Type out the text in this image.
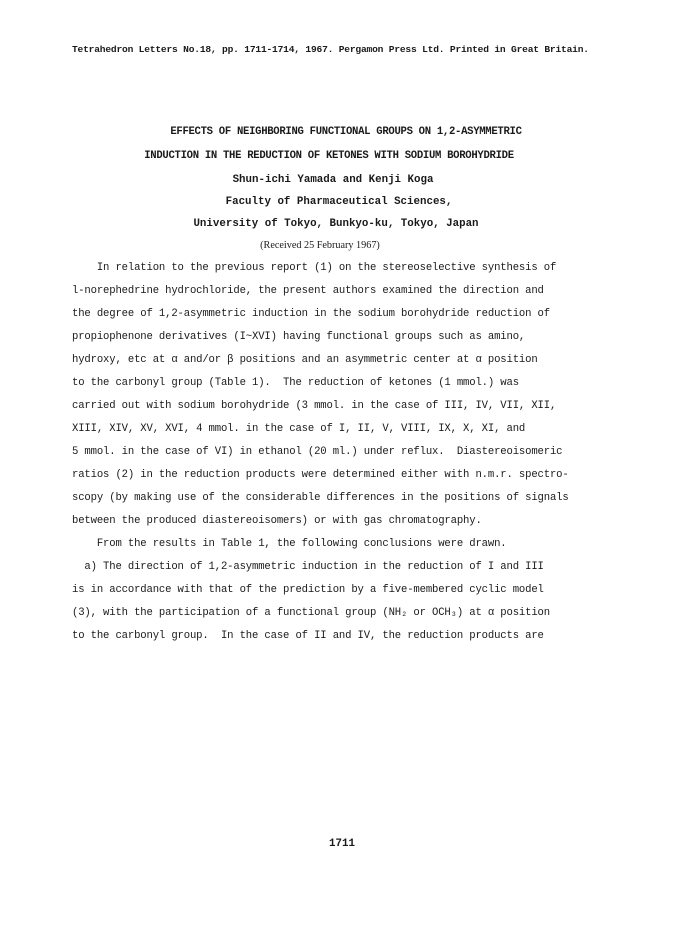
Tetrahedron Letters No.18, pp. 1711-1714, 1967. Pergamon Press Ltd. Printed in Great Britain.
EFFECTS OF NEIGHBORING FUNCTIONAL GROUPS ON 1,2-ASYMMETRIC
INDUCTION IN THE REDUCTION OF KETONES WITH SODIUM BOROHYDRIDE
Shun-ichi Yamada and Kenji Koga
Faculty of Pharmaceutical Sciences,
University of Tokyo, Bunkyo-ku, Tokyo, Japan
(Received 25 February 1967)
In relation to the previous report (1) on the stereoselective synthesis of
l-norephedrine hydrochloride, the present authors examined the direction and
the degree of 1,2-asymmetric induction in the sodium borohydride reduction of
propiophenone derivatives (I~XVI) having functional groups such as amino,
hydroxy, etc at α and/or β positions and an asymmetric center at α position
to the carbonyl group (Table 1).  The reduction of ketones (1 mmol.) was
carried out with sodium borohydride (3 mmol. in the case of III, IV, VII, XII,
XIII, XIV, XV, XVI, 4 mmol. in the case of I, II, V, VIII, IX, X, XI, and
5 mmol. in the case of VI) in ethanol (20 ml.) under reflux.  Diastereoisomeric
ratios (2) in the reduction products were determined either with n.m.r. spectro-
scopy (by making use of the considerable differences in the positions of signals
between the produced diastereoisomers) or with gas chromatography.
From the results in Table 1, the following conclusions were drawn.
a) The direction of 1,2-asymmetric induction in the reduction of I and III
is in accordance with that of the prediction by a five-membered cyclic model
(3), with the participation of a functional group (NH₂ or OCH₃) at α position
to the carbonyl group.  In the case of II and IV, the reduction products are
1711
